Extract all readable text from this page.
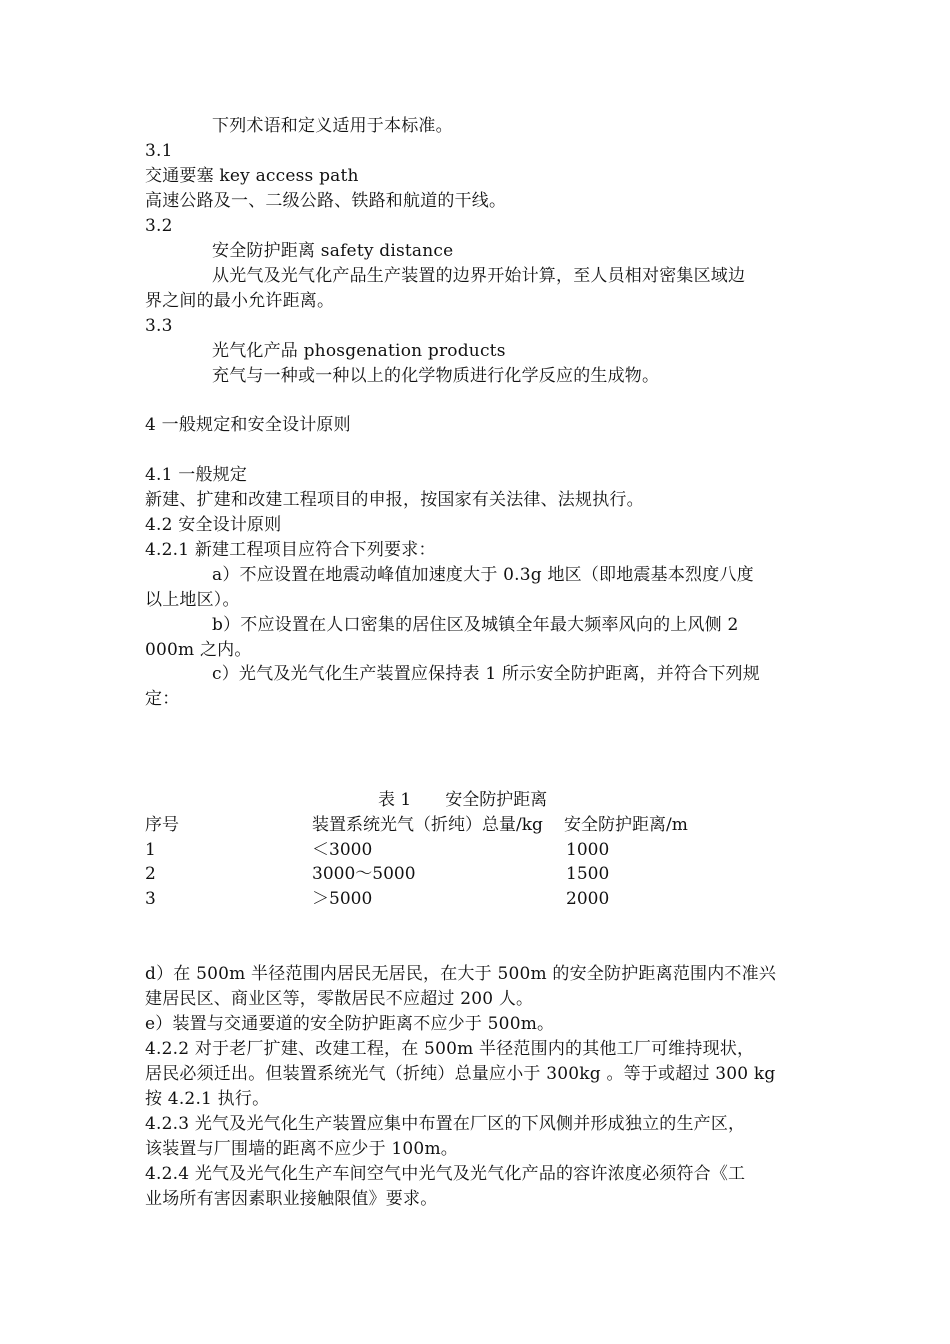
下列术语和定义适用于本标准。
3.1
交通要塞 key access path
高速公路及一、二级公路、铁路和航道的干线。
3.2
安全防护距离 safety distance
从光气及光气化产品生产装置的边界开始计算，至人员相对密集区域边
界之间的最小允许距离。
3.3
光气化产品 phosgenation products
充气与一种或一种以上的化学物质进行化学反应的生成物。
4 一般规定和安全设计原则
4.1 一般规定
新建、扩建和改建工程项目的申报，按国家有关法律、法规执行。
4.2 安全设计原则
4.2.1 新建工程项目应符合下列要求：
a）不应设置在地震动峰值加速度大于 0.3g 地区（即地震基本烈度八度
以上地区）。
b）不应设置在人口密集的居住区及城镇全年最大频率风向的上风侧 2
000m 之内。
c）光气及光气化生产装置应保持表 1 所示安全防护距离，并符合下列规
定：
表 1　　安全防护距离
序号	装置系统光气（折纯）总量/kg 安全防护距离/m
1	＜3000	1000
2	3000～5000	1500
3	＞5000	2000
d）在 500m 半径范围内居民无居民，在大于 500m 的安全防护距离范围内不准兴
建居民区、商业区等，零散居民不应超过 200 人。
e）装置与交通要道的安全防护距离不应少于 500m。
4.2.2 对于老厂扩建、改建工程，在 500m 半径范围内的其他工厂可维持现状，
居民必须迁出。但装置系统光气（折纯）总量应小于 300kg 。等于或超过 300 kg
按 4.2.1 执行。
4.2.3 光气及光气化生产装置应集中布置在厂区的下风侧并形成独立的生产区，
该装置与厂围墙的距离不应少于 100m。
4.2.4 光气及光气化生产车间空气中光气及光气化产品的容许浓度必须符合《工
业场所有害因素职业接触限值》要求。
